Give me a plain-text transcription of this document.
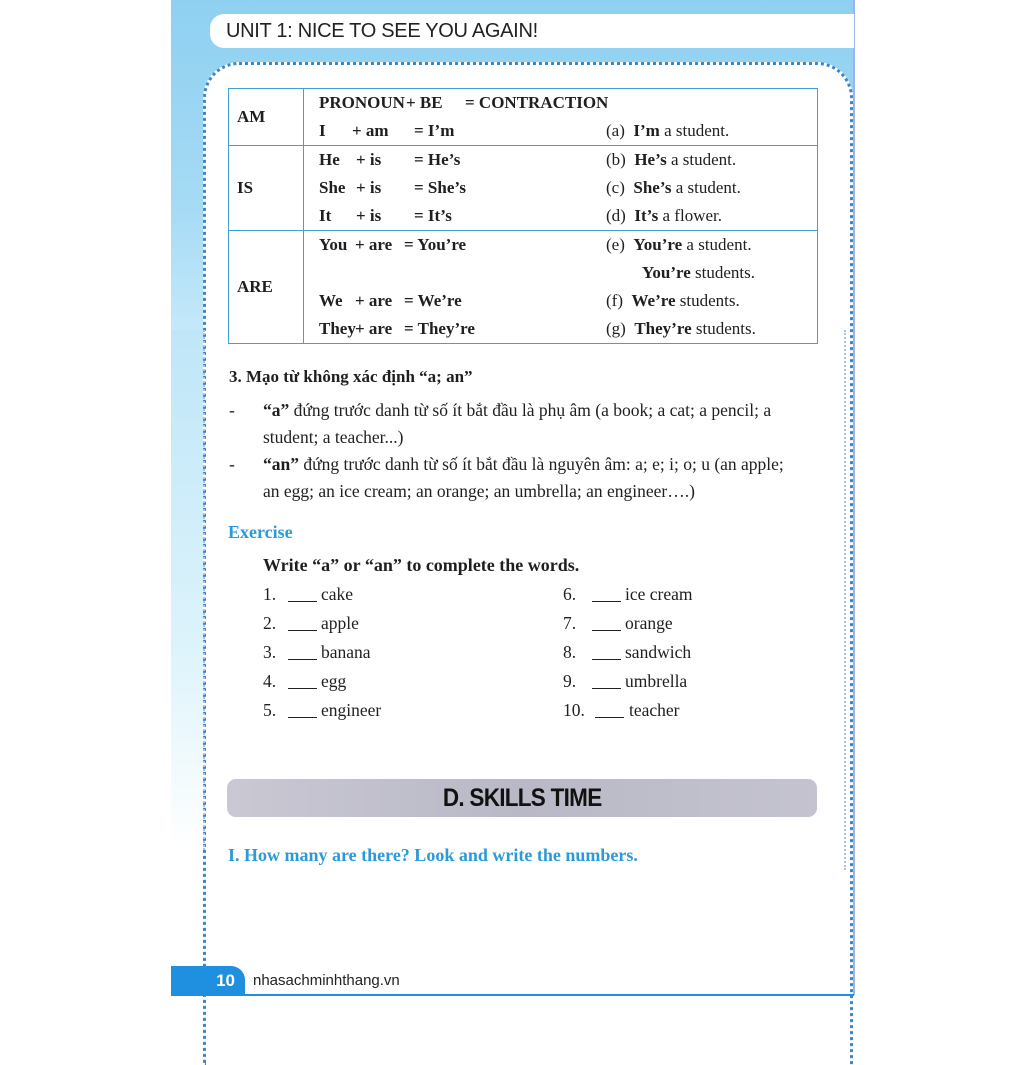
UNIT 1: NICE TO SEE YOU AGAIN!
AM	
PRONOUN + BE = CONTRACTION
I + am = I’m	(a) I’m a student.

IS	
He + is = He’s	(b) He’s a student.
She + is = She’s	(c) She’s a student.
It + is = It’s	(d) It’s a flower.

ARE	
You + are = You’re	(e) You’re a student.
You’re students.
We + are = We’re	(f) We’re students.
They + are = They’re	(g) They’re students.
3. Mạo từ không xác định “a; an”
- “a” đứng trước danh từ số ít bắt đầu là phụ âm (a book; a cat; a pencil; a
student; a teacher...)
- “an” đứng trước danh từ số ít bắt đầu là nguyên âm: a; e; i; o; u (an apple;
an egg; an ice cream; an orange; an umbrella; an engineer….)
Exercise
Write “a” or “an” to complete the words.
1.	cake
2.	apple
3.	banana
4.	egg
5.	engineer
6.	ice cream
7.	orange
8.	sandwich
9.	umbrella
10.	teacher
D. SKILLS TIME
I. How many are there? Look and write the numbers.
10 nhasachminhthang.vn
